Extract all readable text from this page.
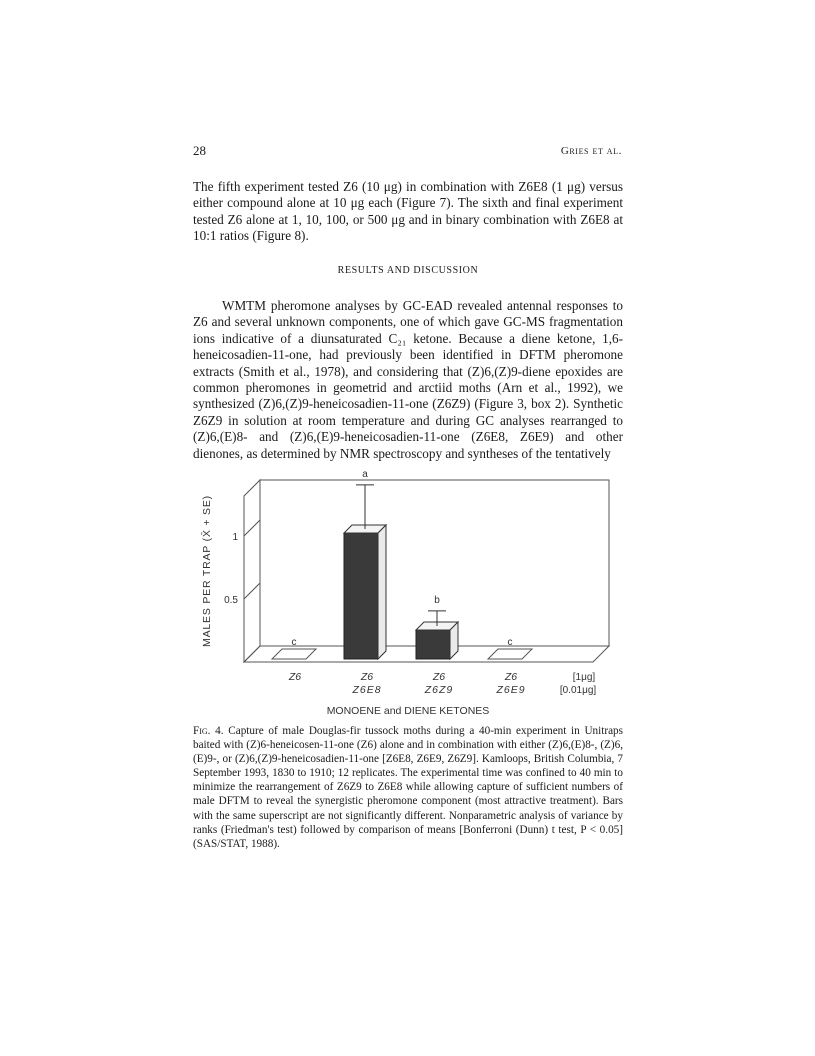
28	Gries et al.

The fifth experiment tested Z6 (10 μg) in combination with Z6E8 (1 μg) versus either compound alone at 10 μg each (Figure 7). The sixth and final experiment tested Z6 alone at 1, 10, 100, or 500 μg and in binary combination with Z6E8 at 10:1 ratios (Figure 8).

RESULTS AND DISCUSSION

WMTM pheromone analyses by GC-EAD revealed antennal responses to Z6 and several unknown components, one of which gave GC-MS fragmentation ions indicative of a diunsaturated C₂₁ ketone. Because a diene ketone, 1,6-heneicosadien-11-one, had previously been identified in DFTM pheromone extracts (Smith et al., 1978), and considering that (Z)6,(Z)9-diene epoxides are common pheromones in geometrid and arctiid moths (Arn et al., 1992), we synthesized (Z)6,(Z)9-heneicosadien-11-one (Z6Z9) (Figure 3, box 2). Synthetic Z6Z9 in solution at room temperature and during GC analyses rearranged to (Z)6,(E)8- and (Z)6,(E)9-heneicosadien-11-one (Z6E8, Z6E9) and other dienones, as determined by NMR spectroscopy and syntheses of the tentatively

0.5
1
MALES PER TRAP (X̄ + SE)	c
Z6
a
Z6
Z6E8
b
Z6
Z6Z9
c
Z6
Z6E9
[1μg]
[0.01μg]
MONOENE and DIENE KETONES

Fig. 4. Capture of male Douglas-fir tussock moths during a 40-min experiment in Unitraps baited with (Z)6-heneicosen-11-one (Z6) alone and in combination with either (Z)6,(E)8-, (Z)6,(E)9-, or (Z)6,(Z)9-heneicosadien-11-one [Z6E8, Z6E9, Z6Z9]. Kamloops, British Columbia, 7 September 1993, 1830 to 1910; 12 replicates. The experimental time was confined to 40 min to minimize the rearrangement of Z6Z9 to Z6E8 while allowing capture of sufficient numbers of male DFTM to reveal the synergistic pheromone component (most attractive treatment). Bars with the same superscript are not significantly different. Nonparametric analysis of variance by ranks (Friedman's test) followed by comparison of means [Bonferroni (Dunn) t test, P < 0.05] (SAS/STAT, 1988).
